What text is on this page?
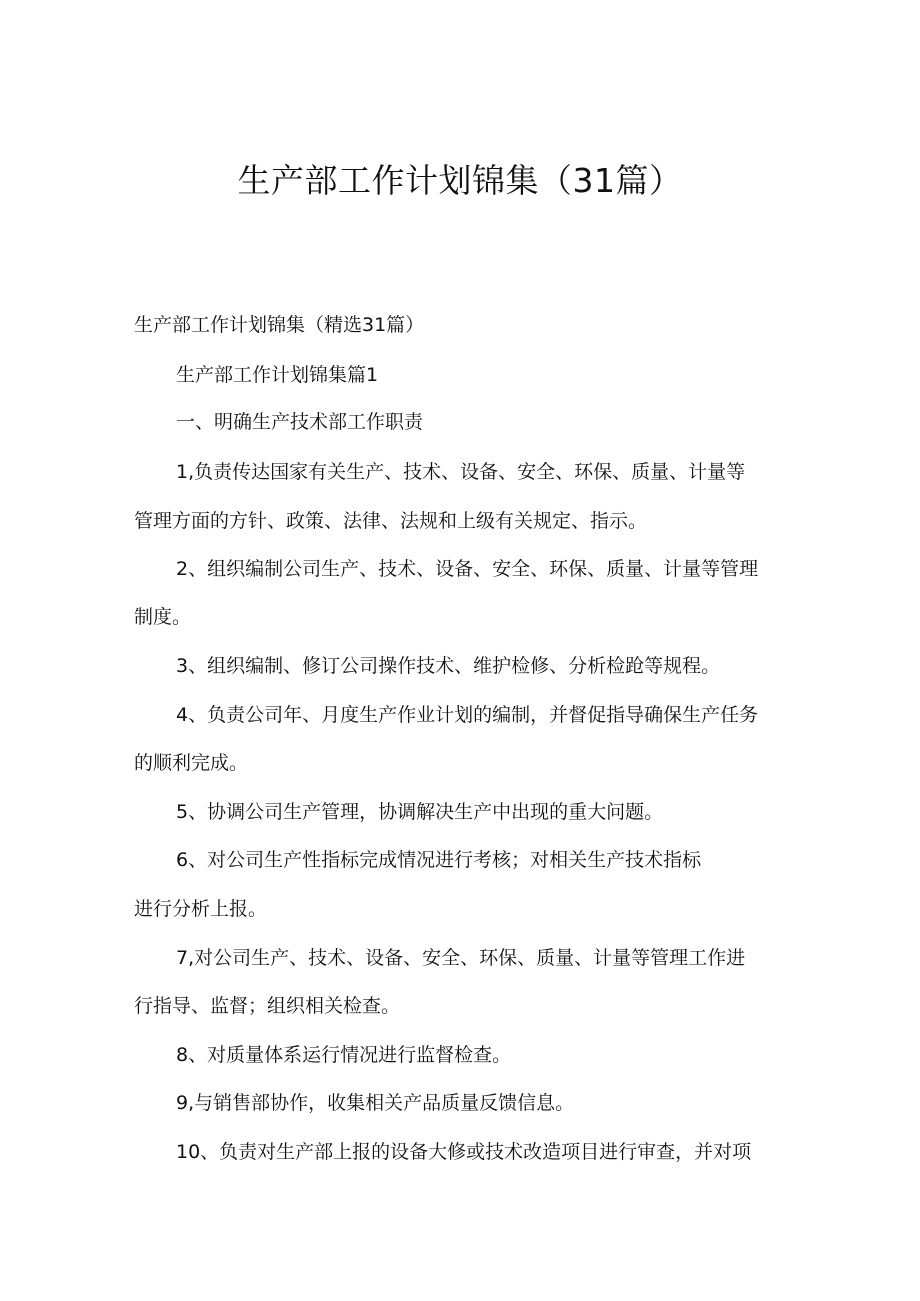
生产部工作计划锦集（31篇）
生产部工作计划锦集（精选31篇）
生产部工作计划锦集篇1
一、明确生产技术部工作职责
1,负责传达国家有关生产、技术、设备、安全、环保、质量、计量等
管理方面的方针、政策、法律、法规和上级有关规定、指示。
2、组织编制公司生产、技术、设备、安全、环保、质量、计量等管理
制度。
3、组织编制、修订公司操作技术、维护检修、分析检跄等规程。
4、负责公司年、月度生产作业计划的编制，并督促指导确保生产任务
的顺利完成。
5、协调公司生产管理，协调解决生产中出现的重大问题。
6、对公司生产性指标完成情况进行考核；对相关生产技术指标
进行分析上报。
7,对公司生产、技术、设备、安全、环保、质量、计量等管理工作进
行指导、监督；组织相关检查。
8、对质量体系运行情况进行监督检查。
9,与销售部协作，收集相关产品质量反馈信息。
10、负责对生产部上报的设备大修或技术改造项目进行审查，并对项
